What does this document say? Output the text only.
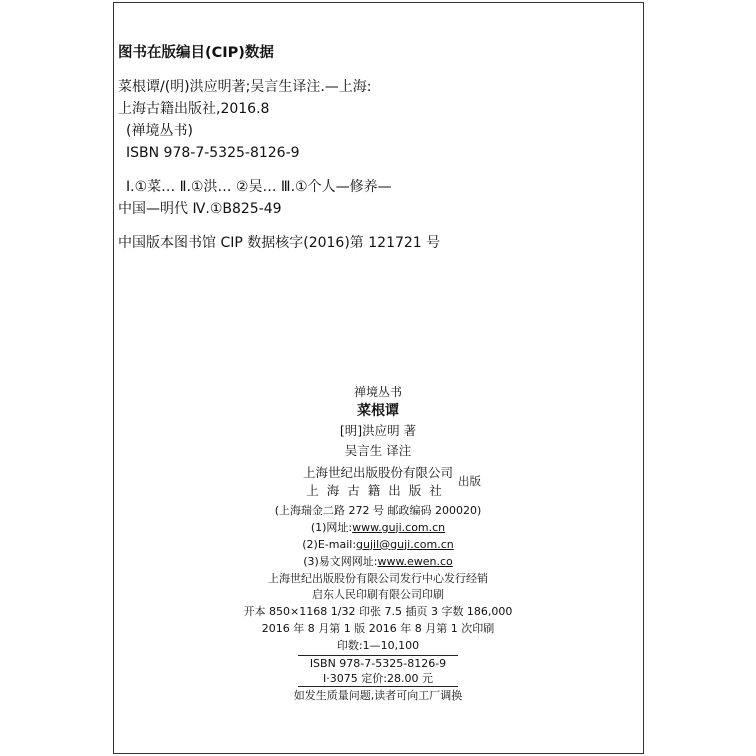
图书在版编目(CIP)数据
菜根谭/(明)洪应明著;吴言生译注.—上海:
上海古籍出版社,2016.8
(禅境丛书)
ISBN 978-7-5325-8126-9
Ⅰ.①菜… Ⅱ.①洪… ②吴… Ⅲ.①个人—修养—
中国—明代 Ⅳ.①B825-49
中国版本图书馆 CIP 数据核字(2016)第 121721 号
禅境丛书
菜根谭
[明]洪应明 著
吴言生 译注
上海世纪出版股份有限公司
上海古籍出版社
出版
(上海瑞金二路 272 号 邮政编码 200020)
(1)网址:www.guji.com.cn
(2)E-mail:gujil@guji.com.cn
(3)易文网网址:www.ewen.co
上海世纪出版股份有限公司发行中心发行经销
启东人民印刷有限公司印刷
开本 850×1168 1/32 印张 7.5 插页 3 字数 186,000
2016 年 8 月第 1 版 2016 年 8 月第 1 次印刷
印数:1—10,100
ISBN 978-7-5325-8126-9
I·3075 定价:28.00 元
如发生质量问题,读者可向工厂调换
